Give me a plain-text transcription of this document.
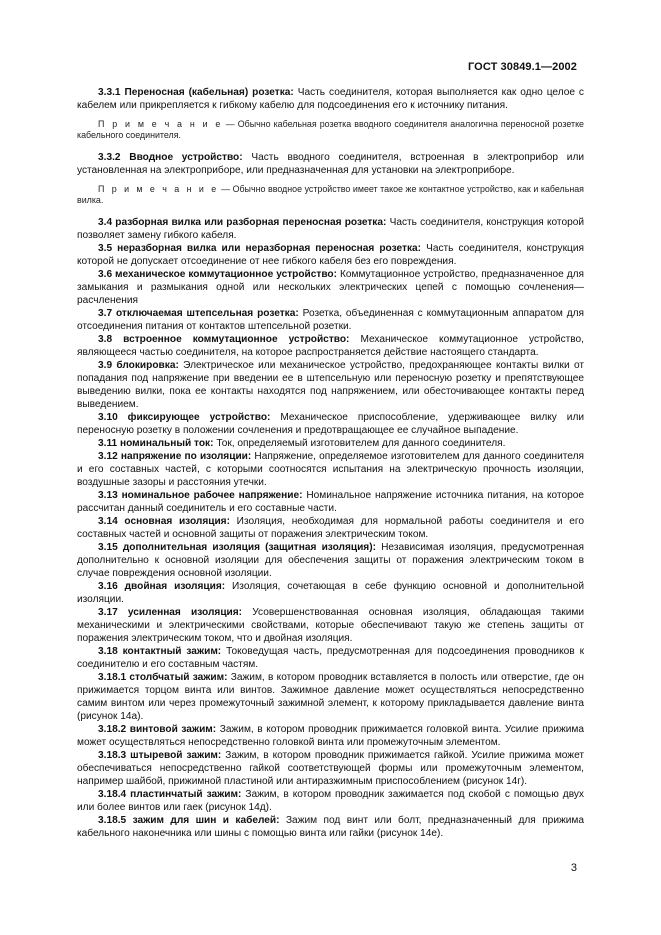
ГОСТ 30849.1—2002

3.3.1 Переносная (кабельная) розетка: Часть соединителя, которая выполняется как одно целое с кабелем или прикрепляется к гибкому кабелю для подсоединения его к источнику питания.

П р и м е ч а н и е — Обычно кабельная розетка вводного соединителя аналогична переносной розетке кабельного соединителя.

3.3.2 Вводное устройство: Часть вводного соединителя, встроенная в электроприбор или установленная на электроприборе, или предназначенная для установки на электроприборе.

П р и м е ч а н и е — Обычно вводное устройство имеет такое же контактное устройство, как и кабельная вилка.

3.4 разборная вилка или разборная переносная розетка: Часть соединителя, конструкция которой позволяет замену гибкого кабеля.

3.5 неразборная вилка или неразборная переносная розетка: Часть соединителя, конструкция которой не допускает отсоединение от нее гибкого кабеля без его повреждения.

3.6 механическое коммутационное устройство: Коммутационное устройство, предназначенное для замыкания и размыкания одной или нескольких электрических цепей с помощью сочленения—расчленения

3.7 отключаемая штепсельная розетка: Розетка, объединенная с коммутационным аппаратом для отсоединения питания от контактов штепсельной розетки.

3.8 встроенное коммутационное устройство: Механическое коммутационное устройство, являющееся частью соединителя, на которое распространяется действие настоящего стандарта.

3.9 блокировка: Электрическое или механическое устройство, предохраняющее контакты вилки от попадания под напряжение при введении ее в штепсельную или переносную розетку и препятствующее выведению вилки, пока ее контакты находятся под напряжением, или обесточивающее контакты перед выведением.

3.10 фиксирующее устройство: Механическое приспособление, удерживающее вилку или переносную розетку в положении сочленения и предотвращающее ее случайное выпадение.

3.11 номинальный ток: Ток, определяемый изготовителем для данного соединителя.

3.12 напряжение по изоляции: Напряжение, определяемое изготовителем для данного соединителя и его составных частей, с которыми соотносятся испытания на электрическую прочность изоляции, воздушные зазоры и расстояния утечки.

3.13 номинальное рабочее напряжение: Номинальное напряжение источника питания, на которое рассчитан данный соединитель и его составные части.

3.14 основная изоляция: Изоляция, необходимая для нормальной работы соединителя и его составных частей и основной защиты от поражения электрическим током.

3.15 дополнительная изоляция (защитная изоляция): Независимая изоляция, предусмотренная дополнительно к основной изоляции для обеспечения защиты от поражения электрическим током в случае повреждения основной изоляции.

3.16 двойная изоляция: Изоляция, сочетающая в себе функцию основной и дополнительной изоляции.

3.17 усиленная изоляция: Усовершенствованная основная изоляция, обладающая такими механическими и электрическими свойствами, которые обеспечивают такую же степень защиты от поражения электрическим током, что и двойная изоляция.

3.18 контактный зажим: Токоведущая часть, предусмотренная для подсоединения проводников к соединителю и его составным частям.

3.18.1 столбчатый зажим: Зажим, в котором проводник вставляется в полость или отверстие, где он прижимается торцом винта или винтов. Зажимное давление может осуществляться непосредственно самим винтом или через промежуточный зажимной элемент, к которому прикладывается давление винта (рисунок 14а).

3.18.2 винтовой зажим: Зажим, в котором проводник прижимается головкой винта. Усилие прижима может осуществляться непосредственно головкой винта или промежуточным элементом.

3.18.3 штыревой зажим: Зажим, в котором проводник прижимается гайкой. Усилие прижима может обеспечиваться непосредственно гайкой соответствующей формы или промежуточным элементом, например шайбой, прижимной пластиной или антиразжимным приспособлением (рисунок 14г).

3.18.4 пластинчатый зажим: Зажим, в котором проводник зажимается под скобой с помощью двух или более винтов или гаек (рисунок 14д).

3.18.5 зажим для шин и кабелей: Зажим под винт или болт, предназначенный для прижима кабельного наконечника или шины с помощью винта или гайки (рисунок 14е).

3
